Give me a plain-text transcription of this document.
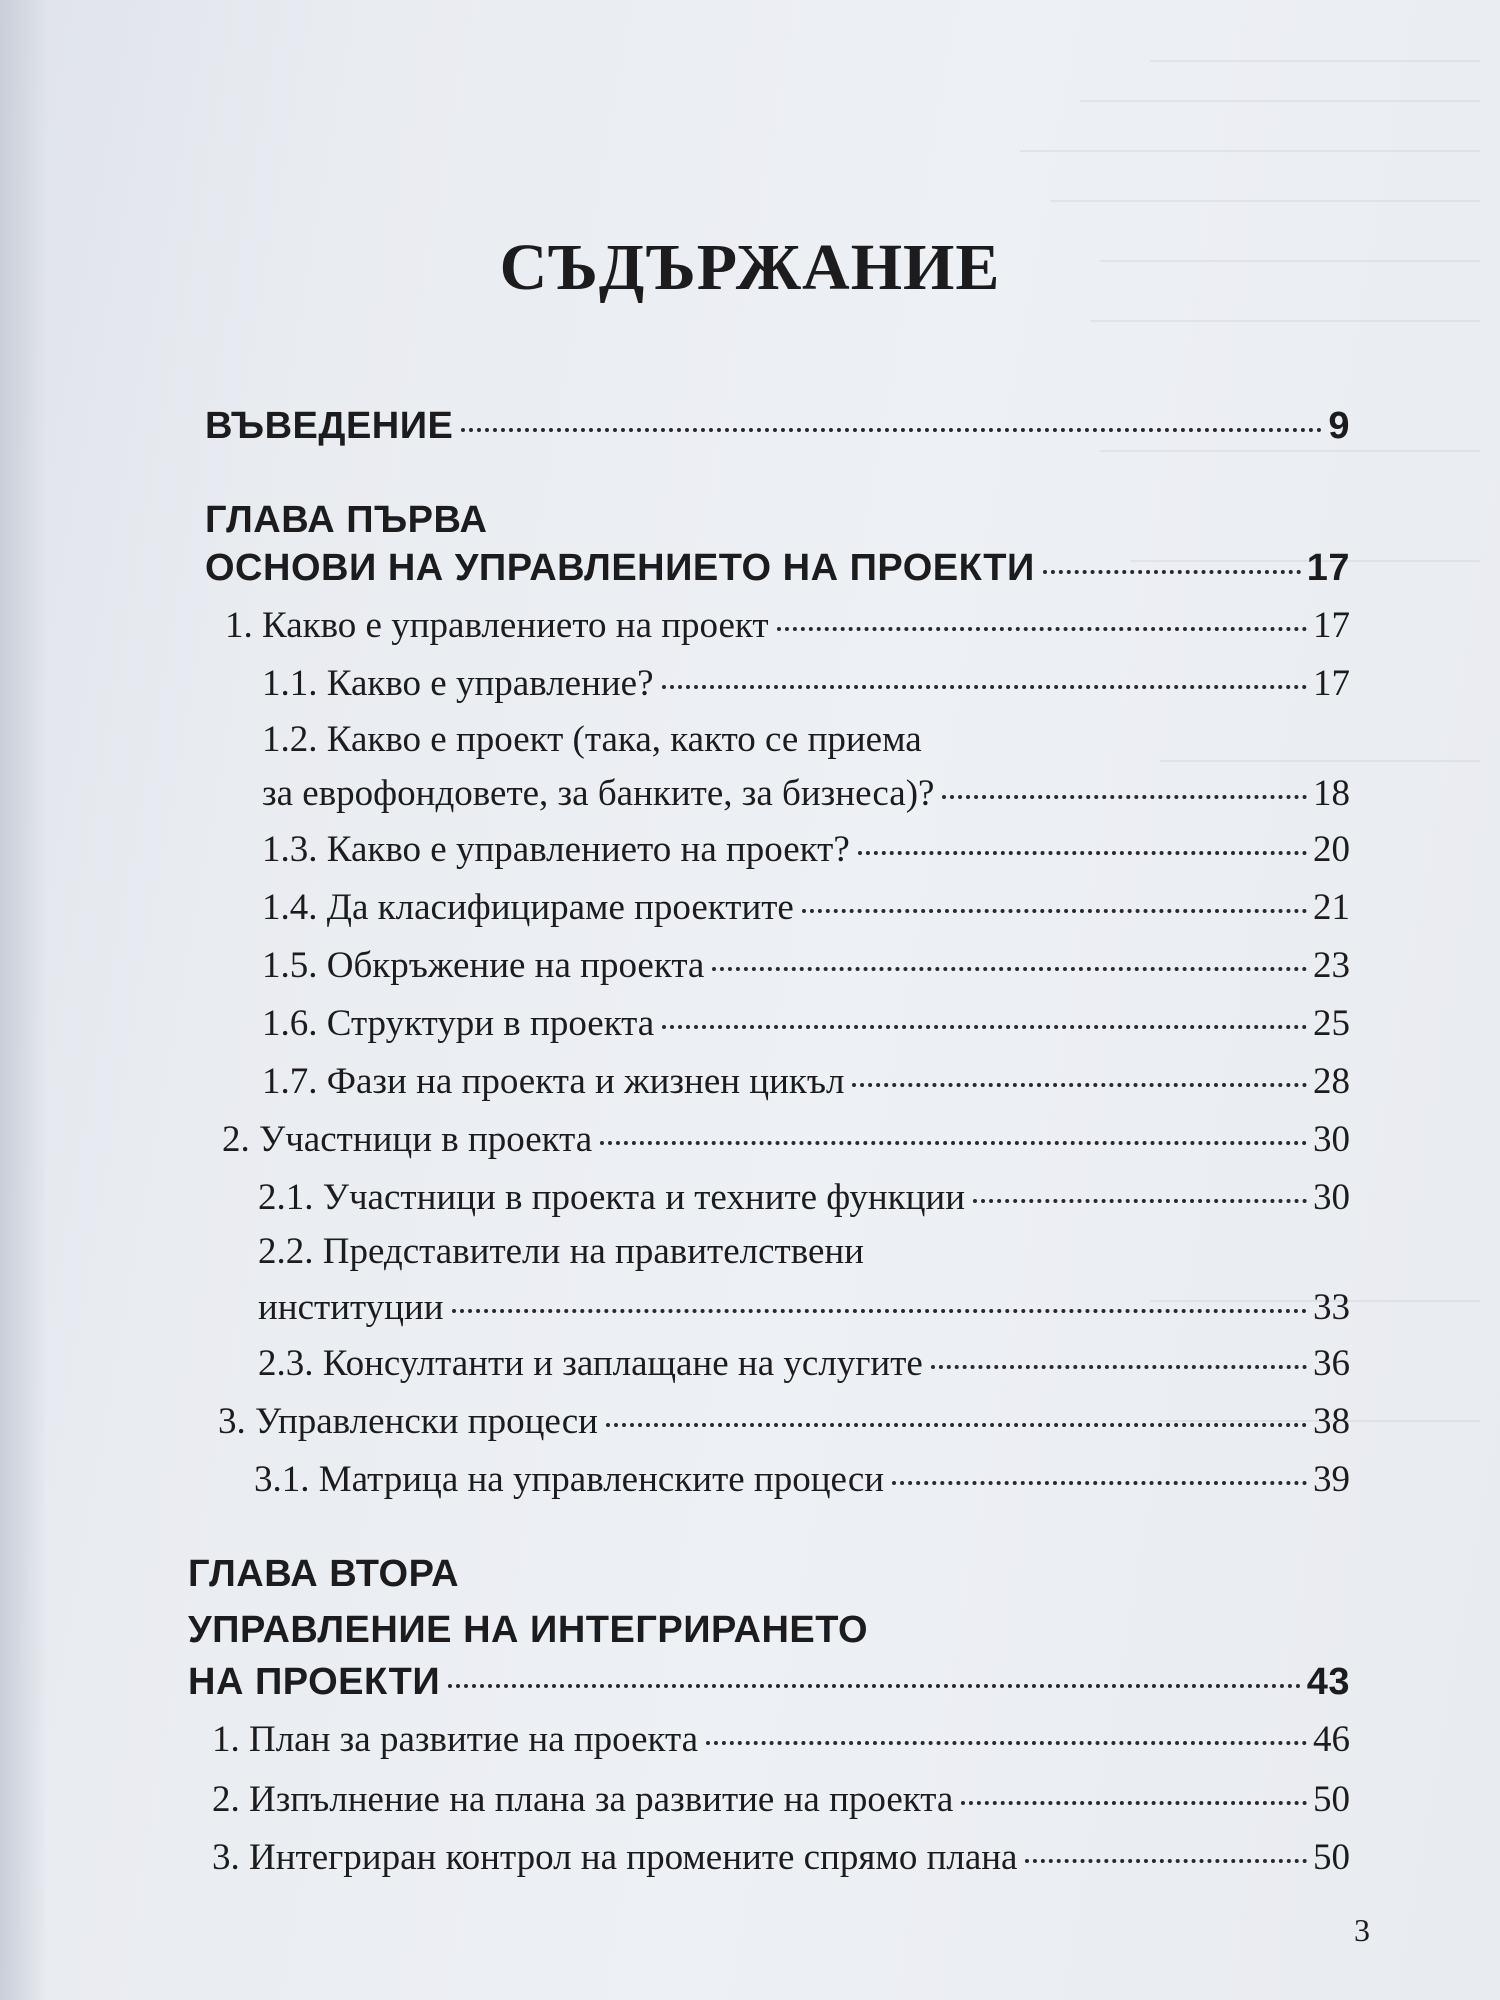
СЪДЪРЖАНИЕ
ВЪВЕДЕНИЕ	9
ГЛАВА ПЪРВА
ОСНОВИ НА УПРАВЛЕНИЕТО НА ПРОЕКТИ	17
1. Какво е управлението на проект	17
1.1. Какво е управление?	17
1.2. Какво е проект (така, както се приема
за еврофондовете, за банките, за бизнеса)?	18
1.3. Какво е управлението на проект?	20
1.4. Да класифицираме проектите	21
1.5. Обкръжение на проекта	23
1.6. Структури в проекта	25
1.7. Фази на проекта и жизнен цикъл	28
2. Участници в проекта	30
2.1. Участници в проекта и техните функции	30
2.2. Представители на правителствени
институции	33
2.3. Консултанти и заплащане на услугите	36
3. Управленски процеси	38
3.1. Матрица на управленските процеси	39
ГЛАВА ВТОРА
УПРАВЛЕНИЕ НА ИНТЕГРИРАНЕТО
НА ПРОЕКТИ	43
1. План за развитие на проекта	46
2. Изпълнение на плана за развитие на проекта	50
3. Интегриран контрол на промените спрямо плана	50
3
